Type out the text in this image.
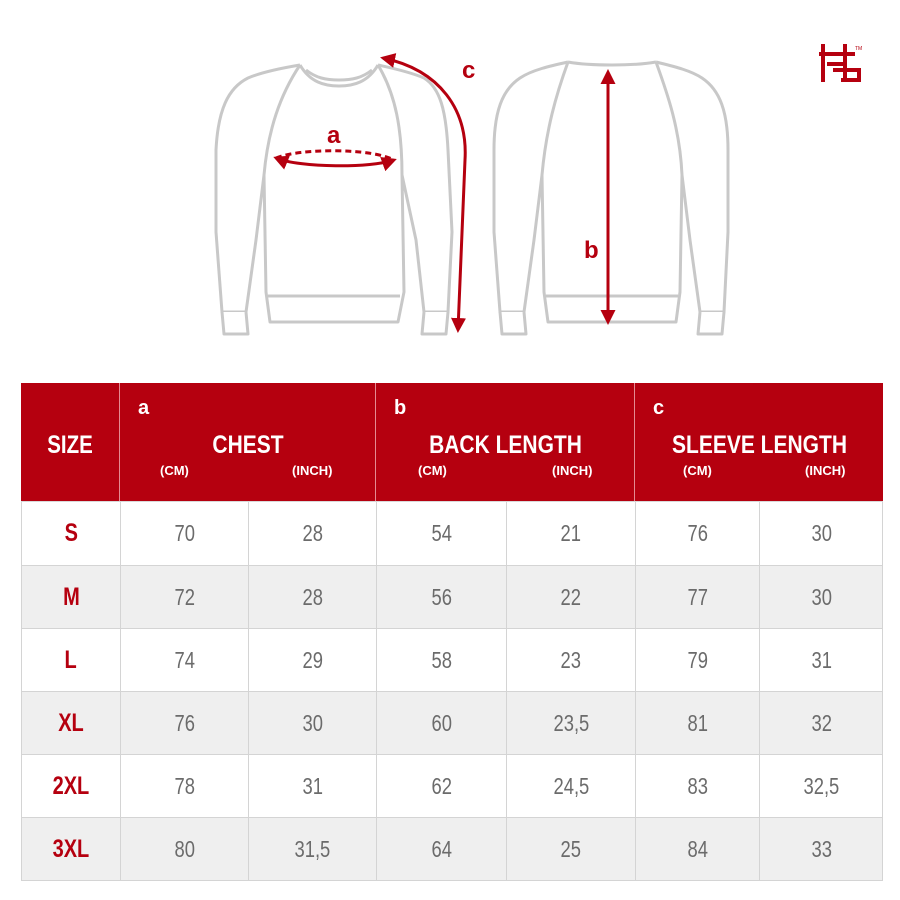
a
c
b
TM
SIZE
a
CHEST
(CM)	(INCH)
b
BACK LENGTH
(CM)	(INCH)
c
SLEEVE LENGTH
(CM)	(INCH)
S	70	28	54	21	76	30
M	72	28	56	22	77	30
L	74	29	58	23	79	31
XL	76	30	60	23,5	81	32
2XL	78	31	62	24,5	83	32,5
3XL	80	31,5	64	25	84	33
